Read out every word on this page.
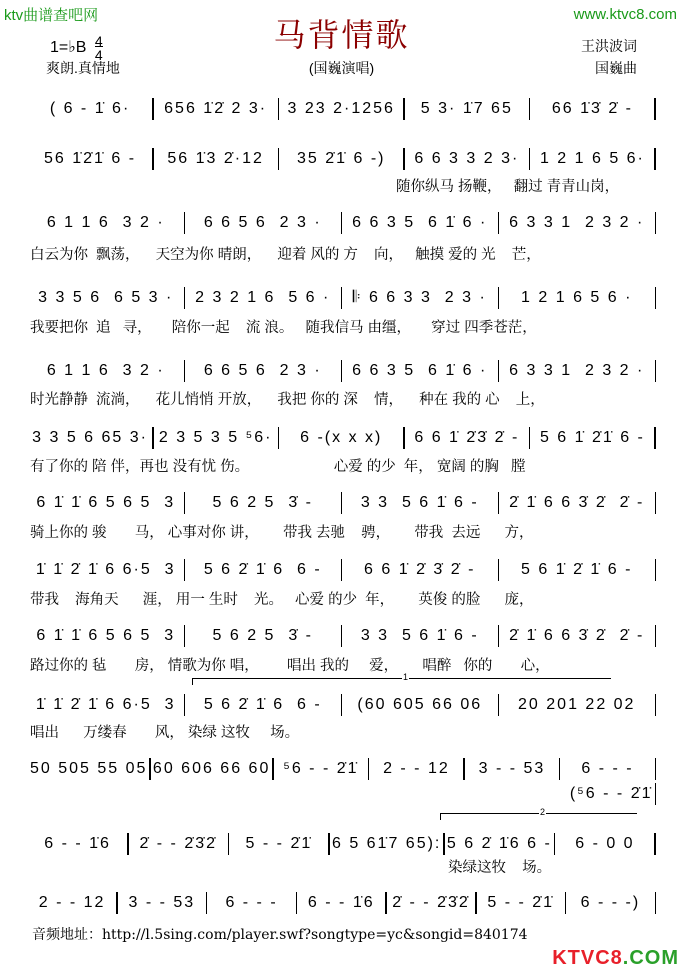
ktv曲谱查吧网	www.ktvc8.com
马背情歌
1=♭B $\frac{4}{4}$
爽朗.真情地	(国巍演唱)
王洪波词
国巍曲
( 6 - 1̇ 6·	656 1̇2̇ 2 3·	3 23 2·1256	5 3· 1̇7 65	66 1̇3̇ 2̇ -
56 1̇2̇1̇ 6 -	56 1̇3 2̇·12	35 2̇1̇ 6 -)	6 6 3 3 2 3·	1 2 1 6 5 6·
6 1 1 6  3 2 ·	6 6 5 6  2 3 ·	6 6 3 5  6 1̇ 6 ·	6 3 3 1  2 3 2 ·
3 3 5 6  6 5 3 ·	2 3 2 1 6  5 6 ·	𝄆 6 6 3 3  2 3 ·	1 2 1 6 5 6 ·
6 1 1 6  3 2 ·	6 6 5 6  2 3 ·	6 6 3 5  6 1̇ 6 ·	6 3 3 1  2 3 2 ·
3 3 5 6 65 3· 2 3 5 3 5 ⁵6·	6 -(x x x)	6 6 1̇ 2̇3̇ 2̇ -	5 6 1̇ 2̇1̇ 6 -
6 1̇ 1̇ 6 5 6 5  3	5 6 2 5  3̇ -	3 3  5 6 1̇ 6 -	2̇ 1̇ 6 6 3̇ 2̇  2̇ -
1̇ 1̇ 2̇ 1̇ 6 6·5  3	5 6 2̇ 1̇ 6  6 -	6 6 1̇ 2̇ 3̇ 2̇ -	5 6 1̇ 2̇ 1̇ 6 -
6 1̇ 1̇ 6 5 6 5  3	5 6 2 5  3̇ -	3 3  5 6 1̇ 6 -	2̇ 1̇ 6 6 3̇ 2̇  2̇ -
1̇ 1̇ 2̇ 1̇ 6 6·5  3	5 6 2̇ 1̇ 6  6 -	(60 605 66 06	20 201 22 02
50 505 55 05 60 606 66 60 ⁵6 - - 2̇1̇	2 - - 12	3 - - 53	6 - - -
6 - - 1̇6	2̇ - - 2̇3̇2̇	5 - - 2̇1̇	6 5 61̇7 65): 5 6 2̇ 1̇6 6 -	6 - 0 0
2 - - 12	3 - - 53	6 - - -	6 - - 1̇6	2̇ - - 2̇3̇2̇	5 - - 2̇1̇	6 - - -)
(⁵6 - - 2̇1̇
1
2
随你纵马 扬鞭，   翻过 青青山岗，
白云为你  飘荡，    天空为你 晴朗，    迎着 风的 方    向，   触摸 爱的 光    芒，
我要把你  追   寻，     陪你一起    流 浪。   随我信马 由缰，     穿过 四季苍茫，
时光静静  流淌，    花儿悄悄 开放，    我把 你的 深    情，    种在 我的 心    上，
有了你的 陪 伴，再也 没有忧 伤。                     心爱 的少  年， 宽阔 的胸   膛
骑上你的 骏       马， 心事对你 讲，      带我 去驰    骋，      带我  去远      方，
带我    海角天      涯， 用一 生时    光。   心爱 的少  年，      英俊 的脸      庞，
路过你的 毡       房， 情歌为你 唱，       唱出 我的     爱，      唱醉   你的       心，
唱出      万缕春       风， 染绿 这牧     场。
染绿这牧    场。
音频地址：http://l.5sing.com/player.swf?songtype=yc&songid=840174
KTVC8.COM
